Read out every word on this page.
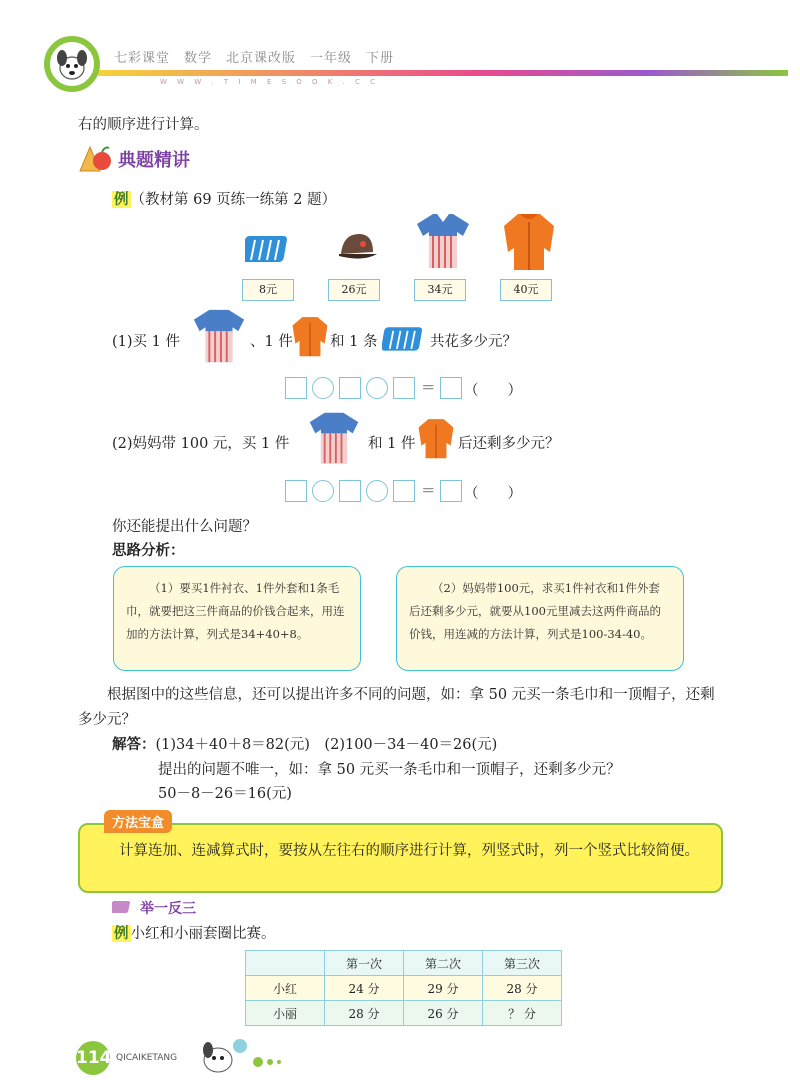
七彩课堂　数学　北京课改版　一年级　下册
W W W . T I M E S O O K . C C
右的顺序进行计算。
典题精讲
例 （教材第 69 页练一练第 2 题）
8元	26元	34元	40元
(1)买 1 件	、1 件	和 1 条	共花多少元？
＝ （　　）
(2)妈妈带 100 元，买 1 件	和 1 件	后还剩多少元？
＝ （　　）
你还能提出什么问题？
思路分析：
（1）要买1件衬衣、1件外套和1条毛巾，就要把这三件商品的价钱合起来，用连加的方法计算，列式是34+40+8。
（2）妈妈带100元，求买1件衬衣和1件外套后还剩多少元，就要从100元里减去这两件商品的价钱，用连减的方法计算，列式是100-34-40。
根据图中的这些信息，还可以提出许多不同的问题，如：拿 50 元买一条毛巾和一顶帽子，还剩多少元？
解答：(1)34＋40＋8＝82(元)　(2)100－34－40＝26(元)
提出的问题不唯一，如：拿 50 元买一条毛巾和一顶帽子，还剩多少元？
50－8－26＝16(元)
计算连加、连减算式时，要按从左往右的顺序进行计算，列竖式时，列一个竖式比较简便。
方法宝盒
举一反三
例 小红和小丽套圈比赛。
	第一次	第二次	第三次
小红	24 分	29 分	28 分
小丽	28 分	26 分	？ 分
114 QICAIKETANG
